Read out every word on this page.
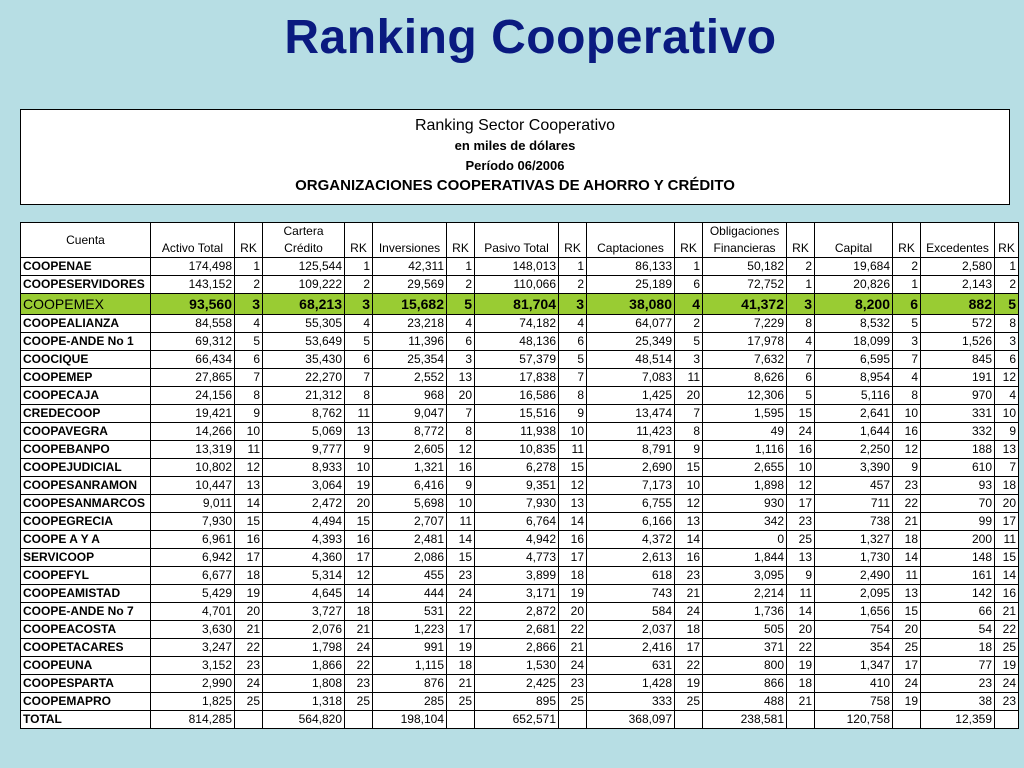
Ranking Cooperativo
Ranking Sector Cooperativo
en miles de dólares
Período 06/2006
ORGANIZACIONES COOPERATIVAS DE AHORRO Y CRÉDITO
Cuenta			Cartera								Obligaciones					
	Activo Total	RK	Crédito	RK	Inversiones	RK	Pasivo Total	RK	Captaciones	RK	Financieras	RK	Capital	RK	Excedentes	RK
COOPENAE	174,498	1	125,544	1	42,311	1	148,013	1	86,133	1	50,182	2	19,684	2	2,580	1
COOPESERVIDORES	143,152	2	109,222	2	29,569	2	110,066	2	25,189	6	72,752	1	20,826	1	2,143	2
COOPEMEX	93,560	3	68,213	3	15,682	5	81,704	3	38,080	4	41,372	3	8,200	6	882	5
COOPEALIANZA	84,558	4	55,305	4	23,218	4	74,182	4	64,077	2	7,229	8	8,532	5	572	8
COOPE-ANDE No 1	69,312	5	53,649	5	11,396	6	48,136	6	25,349	5	17,978	4	18,099	3	1,526	3
COOCIQUE	66,434	6	35,430	6	25,354	3	57,379	5	48,514	3	7,632	7	6,595	7	845	6
COOPEMEP	27,865	7	22,270	7	2,552	13	17,838	7	7,083	11	8,626	6	8,954	4	191	12
COOPECAJA	24,156	8	21,312	8	968	20	16,586	8	1,425	20	12,306	5	5,116	8	970	4
CREDECOOP	19,421	9	8,762	11	9,047	7	15,516	9	13,474	7	1,595	15	2,641	10	331	10
COOPAVEGRA	14,266	10	5,069	13	8,772	8	11,938	10	11,423	8	49	24	1,644	16	332	9
COOPEBANPO	13,319	11	9,777	9	2,605	12	10,835	11	8,791	9	1,116	16	2,250	12	188	13
COOPEJUDICIAL	10,802	12	8,933	10	1,321	16	6,278	15	2,690	15	2,655	10	3,390	9	610	7
COOPESANRAMON	10,447	13	3,064	19	6,416	9	9,351	12	7,173	10	1,898	12	457	23	93	18
COOPESANMARCOS	9,011	14	2,472	20	5,698	10	7,930	13	6,755	12	930	17	711	22	70	20
COOPEGRECIA	7,930	15	4,494	15	2,707	11	6,764	14	6,166	13	342	23	738	21	99	17
COOPE A Y A	6,961	16	4,393	16	2,481	14	4,942	16	4,372	14	0	25	1,327	18	200	11
SERVICOOP	6,942	17	4,360	17	2,086	15	4,773	17	2,613	16	1,844	13	1,730	14	148	15
COOPEFYL	6,677	18	5,314	12	455	23	3,899	18	618	23	3,095	9	2,490	11	161	14
COOPEAMISTAD	5,429	19	4,645	14	444	24	3,171	19	743	21	2,214	11	2,095	13	142	16
COOPE-ANDE No 7	4,701	20	3,727	18	531	22	2,872	20	584	24	1,736	14	1,656	15	66	21
COOPEACOSTA	3,630	21	2,076	21	1,223	17	2,681	22	2,037	18	505	20	754	20	54	22
COOPETACARES	3,247	22	1,798	24	991	19	2,866	21	2,416	17	371	22	354	25	18	25
COOPEUNA	3,152	23	1,866	22	1,115	18	1,530	24	631	22	800	19	1,347	17	77	19
COOPESPARTA	2,990	24	1,808	23	876	21	2,425	23	1,428	19	866	18	410	24	23	24
COOPEMAPRO	1,825	25	1,318	25	285	25	895	25	333	25	488	21	758	19	38	23
TOTAL	814,285		564,820		198,104		652,571		368,097		238,581		120,758		12,359	
